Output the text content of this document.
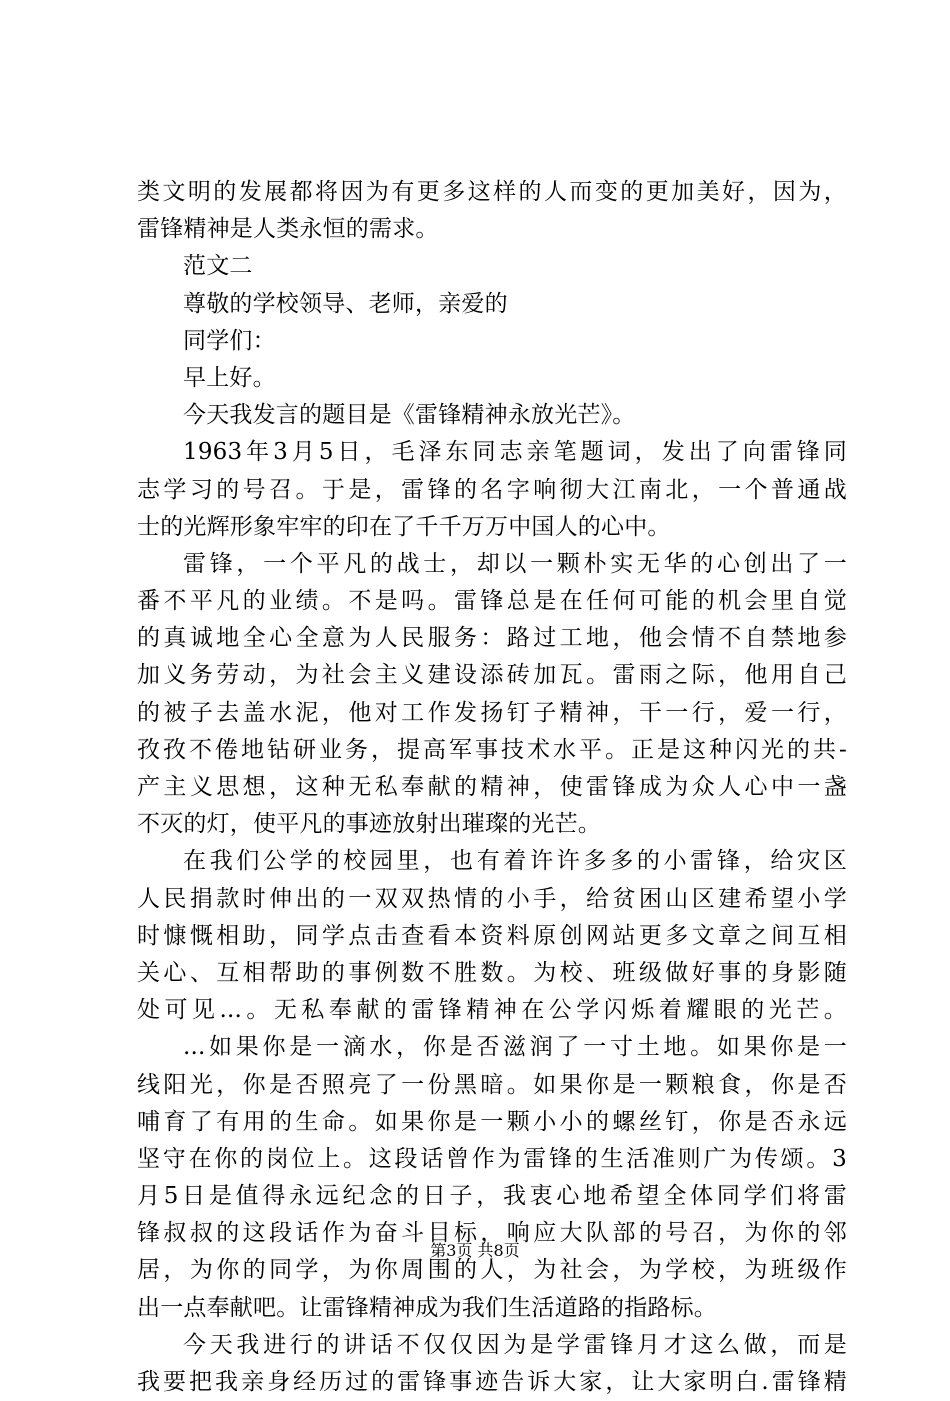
类文明的发展都将因为有更多这样的人而变的更加美好，因为，
雷锋精神是人类永恒的需求。
范文二
尊敬的学校领导、老师，亲爱的
同学们：
早上好。
今天我发言的题目是《雷锋精神永放光芒》。
1963年3月5日，毛泽东同志亲笔题词，发出了向雷锋同
志学习的号召。于是，雷锋的名字响彻大江南北，一个普通战
士的光辉形象牢牢的印在了千千万万中国人的心中。
雷锋，一个平凡的战士，却以一颗朴实无华的心创出了一
番不平凡的业绩。不是吗。雷锋总是在任何可能的机会里自觉
的真诚地全心全意为人民服务：路过工地，他会情不自禁地参
加义务劳动，为社会主义建设添砖加瓦。雷雨之际，他用自己
的被子去盖水泥，他对工作发扬钉子精神，干一行，爱一行，
孜孜不倦地钻研业务，提高军事技术水平。正是这种闪光的共-
产主义思想，这种无私奉献的精神，使雷锋成为众人心中一盏
不灭的灯，使平凡的事迹放射出璀璨的光芒。
在我们公学的校园里，也有着许许多多的小雷锋，给灾区
人民捐款时伸出的一双双热情的小手，给贫困山区建希望小学
时慷慨相助，同学点击查看本资料原创网站更多文章之间互相
关心、互相帮助的事例数不胜数。为校、班级做好事的身影随
处可见...。无私奉献的雷锋精神在公学闪烁着耀眼的光芒。
...如果你是一滴水，你是否滋润了一寸土地。如果你是一
线阳光，你是否照亮了一份黑暗。如果你是一颗粮食，你是否
哺育了有用的生命。如果你是一颗小小的螺丝钉，你是否永远
坚守在你的岗位上。这段话曾作为雷锋的生活准则广为传颂。3
月5日是值得永远纪念的日子，我衷心地希望全体同学们将雷
锋叔叔的这段话作为奋斗目标，响应大队部的号召，为你的邻
居，为你的同学，为你周围的人，为社会，为学校，为班级作
出一点奉献吧。让雷锋精神成为我们生活道路的指路标。
今天我进行的讲话不仅仅因为是学雷锋月才这么做，而是
我要把我亲身经历过的雷锋事迹告诉大家，让大家明白.雷锋精
第3页 共8页
